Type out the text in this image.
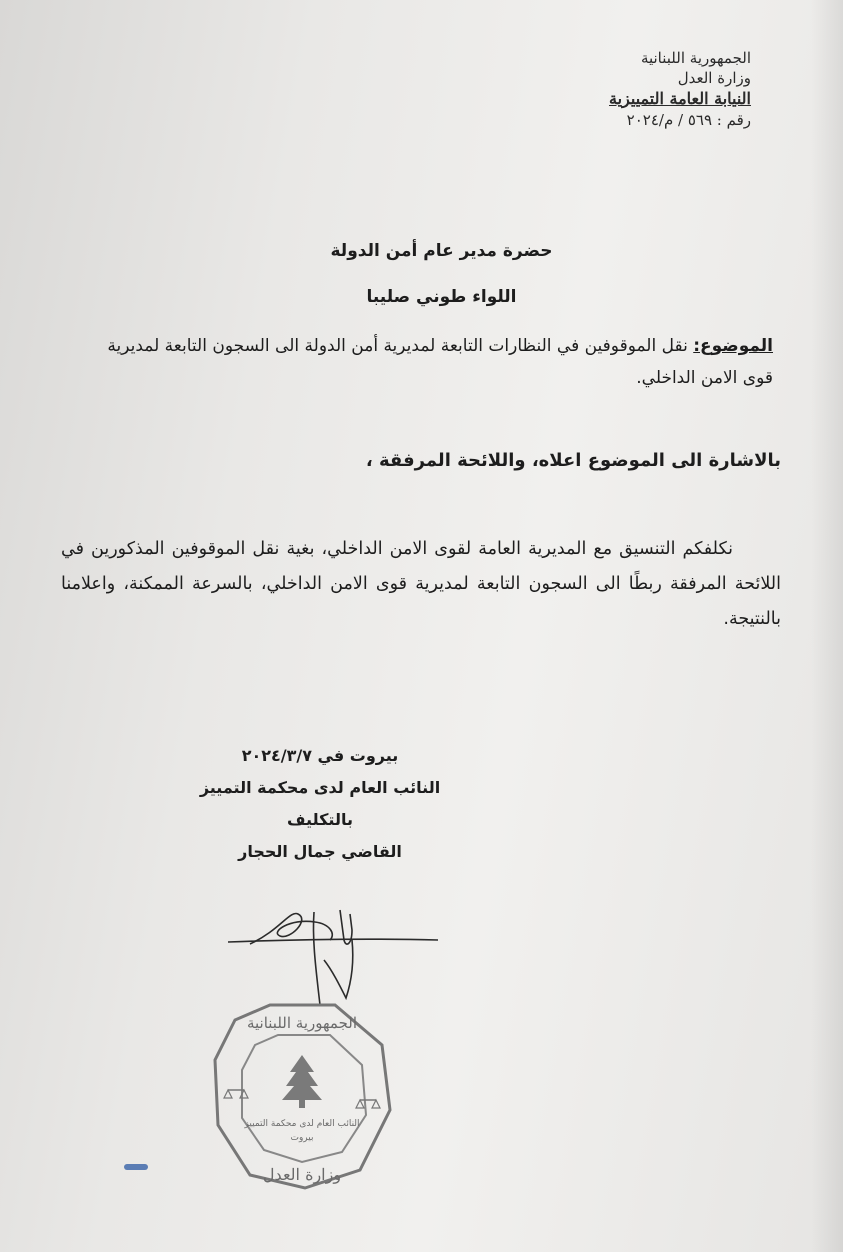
الجمهورية اللبنانية
وزارة العدل
النيابة العامة التمييزية
رقم : ٥٦٩ / م/٢٠٢٤
حضرة مدير عام أمن الدولة
اللواء طوني صليبا
الموضوع: نقل الموقوفين في النظارات التابعة لمديرية أمن الدولة الى السجون التابعة لمديرية قوى الامن الداخلي.
بالاشارة الى الموضوع اعلاه، واللائحة المرفقة ،
نكلفكم التنسيق مع المديرية العامة لقوى الامن الداخلي، بغية نقل الموقوفين المذكورين في اللائحة المرفقة ربطًا الى السجون التابعة لمديرية قوى الامن الداخلي، بالسرعة الممكنة، واعلامنا بالنتيجة.
بيروت في ٢٠٢٤/٣/٧
النائب العام لدى محكمة التمييز
بالتكليف
القاضي جمال الحجار
الجمهورية اللبنانية
وزارة العدل
النائب العام لدى محكمة التمييز
بيروت
